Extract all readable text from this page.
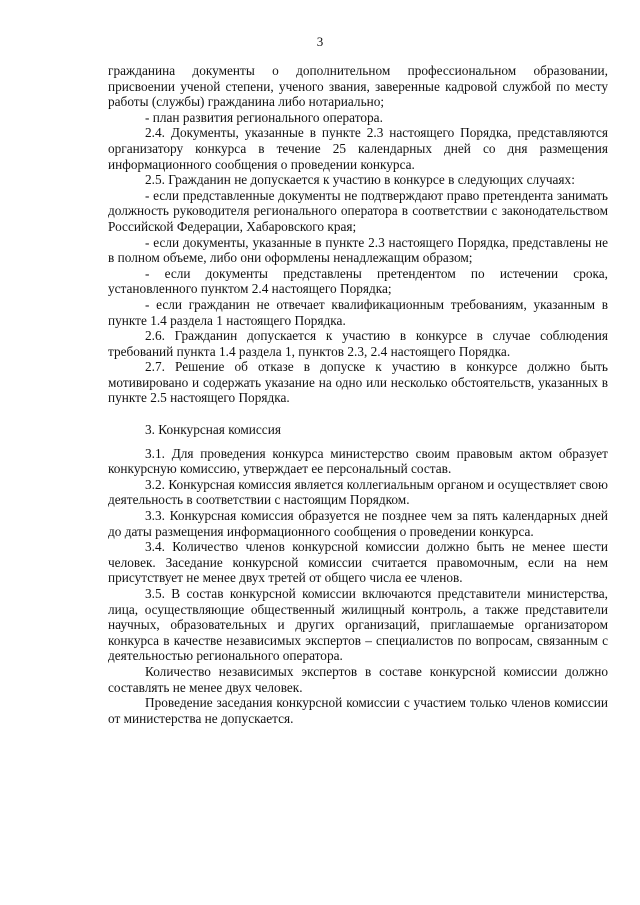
3

гражданина документы о дополнительном профессиональном образовании, присвоении ученой степени, ученого звания, заверенные кадровой службой по месту работы (службы) гражданина либо нотариально;

- план развития регионального оператора.

2.4. Документы, указанные в пункте 2.3 настоящего Порядка, представляются организатору конкурса в течение 25 календарных дней со дня размещения информационного сообщения о проведении конкурса.

2.5. Гражданин не допускается к участию в конкурсе в следующих случаях:

- если представленные документы не подтверждают право претендента занимать должность руководителя регионального оператора в соответствии с законодательством Российской Федерации, Хабаровского края;

- если документы, указанные в пункте 2.3 настоящего Порядка, представлены не в полном объеме, либо они оформлены ненадлежащим образом;

- если документы представлены претендентом по истечении срока, установленного пунктом 2.4 настоящего Порядка;

- если гражданин не отвечает квалификационным требованиям, указанным в пункте 1.4 раздела 1 настоящего Порядка.

2.6. Гражданин допускается к участию в конкурсе в случае соблюдения требований пункта 1.4 раздела 1, пунктов 2.3, 2.4 настоящего Порядка.

2.7. Решение об отказе в допуске к участию в конкурсе должно быть мотивировано и содержать указание на одно или несколько обстоятельств, указанных в пункте 2.5 настоящего Порядка.

3. Конкурсная комиссия

3.1. Для проведения конкурса министерство своим правовым актом образует конкурсную комиссию, утверждает ее персональный состав.

3.2. Конкурсная комиссия является коллегиальным органом и осуществляет свою деятельность в соответствии с настоящим Порядком.

3.3. Конкурсная комиссия образуется не позднее чем за пять календарных дней до даты размещения информационного сообщения о проведении конкурса.

3.4. Количество членов конкурсной комиссии должно быть не менее шести человек. Заседание конкурсной комиссии считается правомочным, если на нем присутствует не менее двух третей от общего числа ее членов.

3.5. В состав конкурсной комиссии включаются представители министерства, лица, осуществляющие общественный жилищный контроль, а также представители научных, образовательных и других организаций, приглашаемые организатором конкурса в качестве независимых экспертов – специалистов по вопросам, связанным с деятельностью регионального оператора.

Количество независимых экспертов в составе конкурсной комиссии должно составлять не менее двух человек.

Проведение заседания конкурсной комиссии с участием только членов комиссии от министерства не допускается.
